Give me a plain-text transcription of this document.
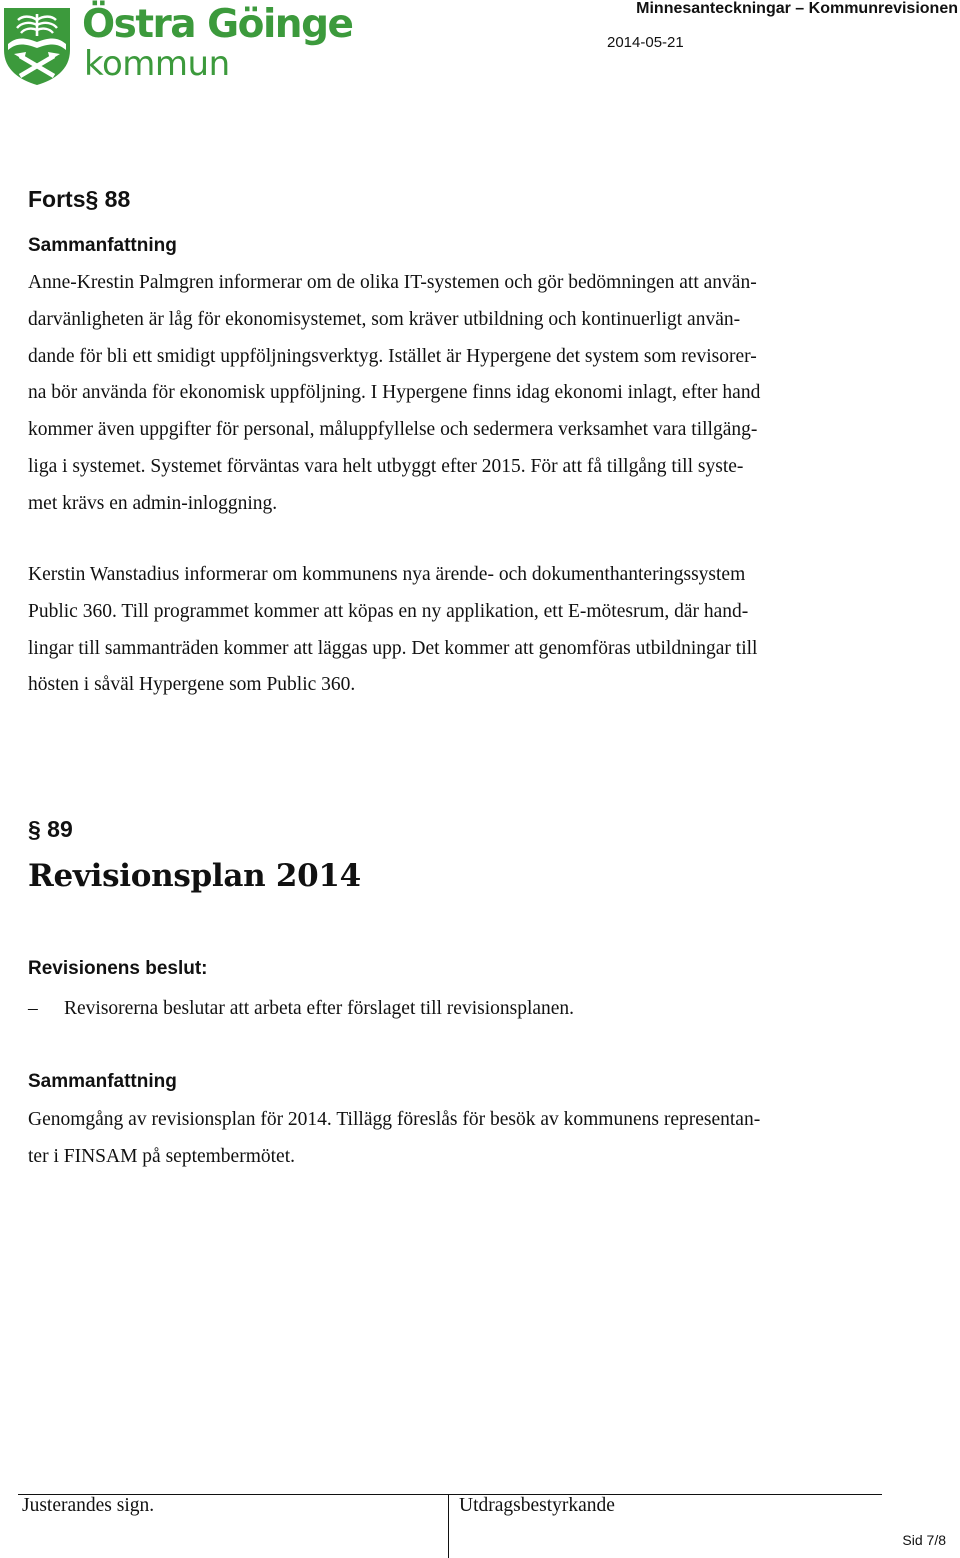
Östra Göinge
kommun
Minnesanteckningar – Kommunrevisionen
2014-05-21
Forts§ 88
Sammanfattning
Anne-Krestin Palmgren informerar om de olika IT-systemen och gör bedömningen att använ-
darvänligheten är låg för ekonomisystemet, som kräver utbildning och kontinuerligt använ-
dande för bli ett smidigt uppföljningsverktyg. Istället är Hypergene det system som revisorer-
na bör använda för ekonomisk uppföljning. I Hypergene finns idag ekonomi inlagt, efter hand
kommer även uppgifter för personal, måluppfyllelse och sedermera verksamhet vara tillgäng-
liga i systemet. Systemet förväntas vara helt utbyggt efter 2015. För att få tillgång till syste-
met krävs en admin-inloggning.
Kerstin Wanstadius informerar om kommunens nya ärende- och dokumenthanteringssystem
Public 360. Till programmet kommer att köpas en ny applikation, ett E-mötesrum, där hand-
lingar till sammanträden kommer att läggas upp. Det kommer att genomföras utbildningar till
hösten i såväl Hypergene som Public 360.
§ 89
Revisionsplan 2014
Revisionens beslut:
– Revisorerna beslutar att arbeta efter förslaget till revisionsplanen.
Sammanfattning
Genomgång av revisionsplan för 2014. Tillägg föreslås för besök av kommunens representan-
ter i FINSAM på septembermötet.
Justerandes sign.	Utdragsbestyrkande
Sid 7/8
